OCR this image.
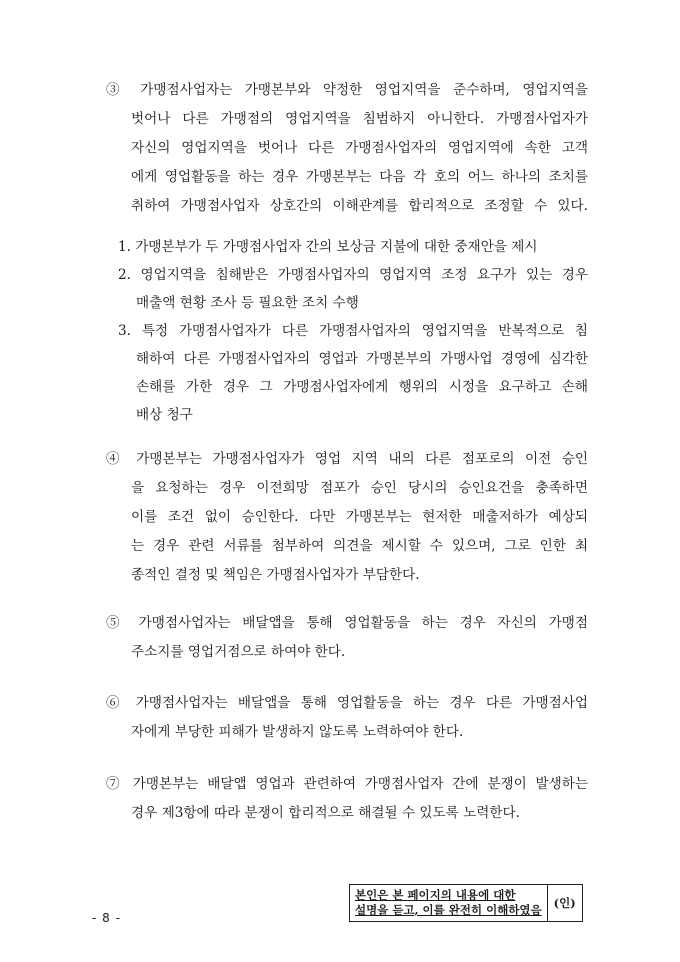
③ 가맹점사업자는 가맹본부와 약정한 영업지역을 준수하며, 영업지역을
벗어나 다른 가맹점의 영업지역을 침범하지 아니한다. 가맹점사업자가
자신의 영업지역을 벗어나 다른 가맹점사업자의 영업지역에 속한 고객
에게 영업활동을 하는 경우 가맹본부는 다음 각 호의 어느 하나의 조치를
취하여 가맹점사업자 상호간의 이해관계를 합리적으로 조정할 수 있다.
1. 가맹본부가 두 가맹점사업자 간의 보상금 지불에 대한 중재안을 제시
2. 영업지역을 침해받은 가맹점사업자의 영업지역 조정 요구가 있는 경우
매출액 현황 조사 등 필요한 조치 수행
3. 특정 가맹점사업자가 다른 가맹점사업자의 영업지역을 반복적으로 침
해하여 다른 가맹점사업자의 영업과 가맹본부의 가맹사업 경영에 심각한
손해를 가한 경우 그 가맹점사업자에게 행위의 시정을 요구하고 손해
배상 청구
④ 가맹본부는 가맹점사업자가 영업 지역 내의 다른 점포로의 이전 승인
을 요청하는 경우 이전희망 점포가 승인 당시의 승인요건을 충족하면
이를 조건 없이 승인한다. 다만 가맹본부는 현저한 매출저하가 예상되
는 경우 관련 서류를 첨부하여 의견을 제시할 수 있으며, 그로 인한 최
종적인 결정 및 책임은 가맹점사업자가 부담한다.
⑤ 가맹점사업자는 배달앱을 통해 영업활동을 하는 경우 자신의 가맹점
주소지를 영업거점으로 하여야 한다.
⑥ 가맹점사업자는 배달앱을 통해 영업활동을 하는 경우 다른 가맹점사업
자에게 부당한 피해가 발생하지 않도록 노력하여야 한다.
⑦ 가맹본부는 배달앱 영업과 관련하여 가맹점사업자 간에 분쟁이 발생하는
경우 제3항에 따라 분쟁이 합리적으로 해결될 수 있도록 노력한다.
본인은 본 페이지의 내용에 대한
설명을 듣고, 이를 완전히 이해하였음
(인)
- 8 -
